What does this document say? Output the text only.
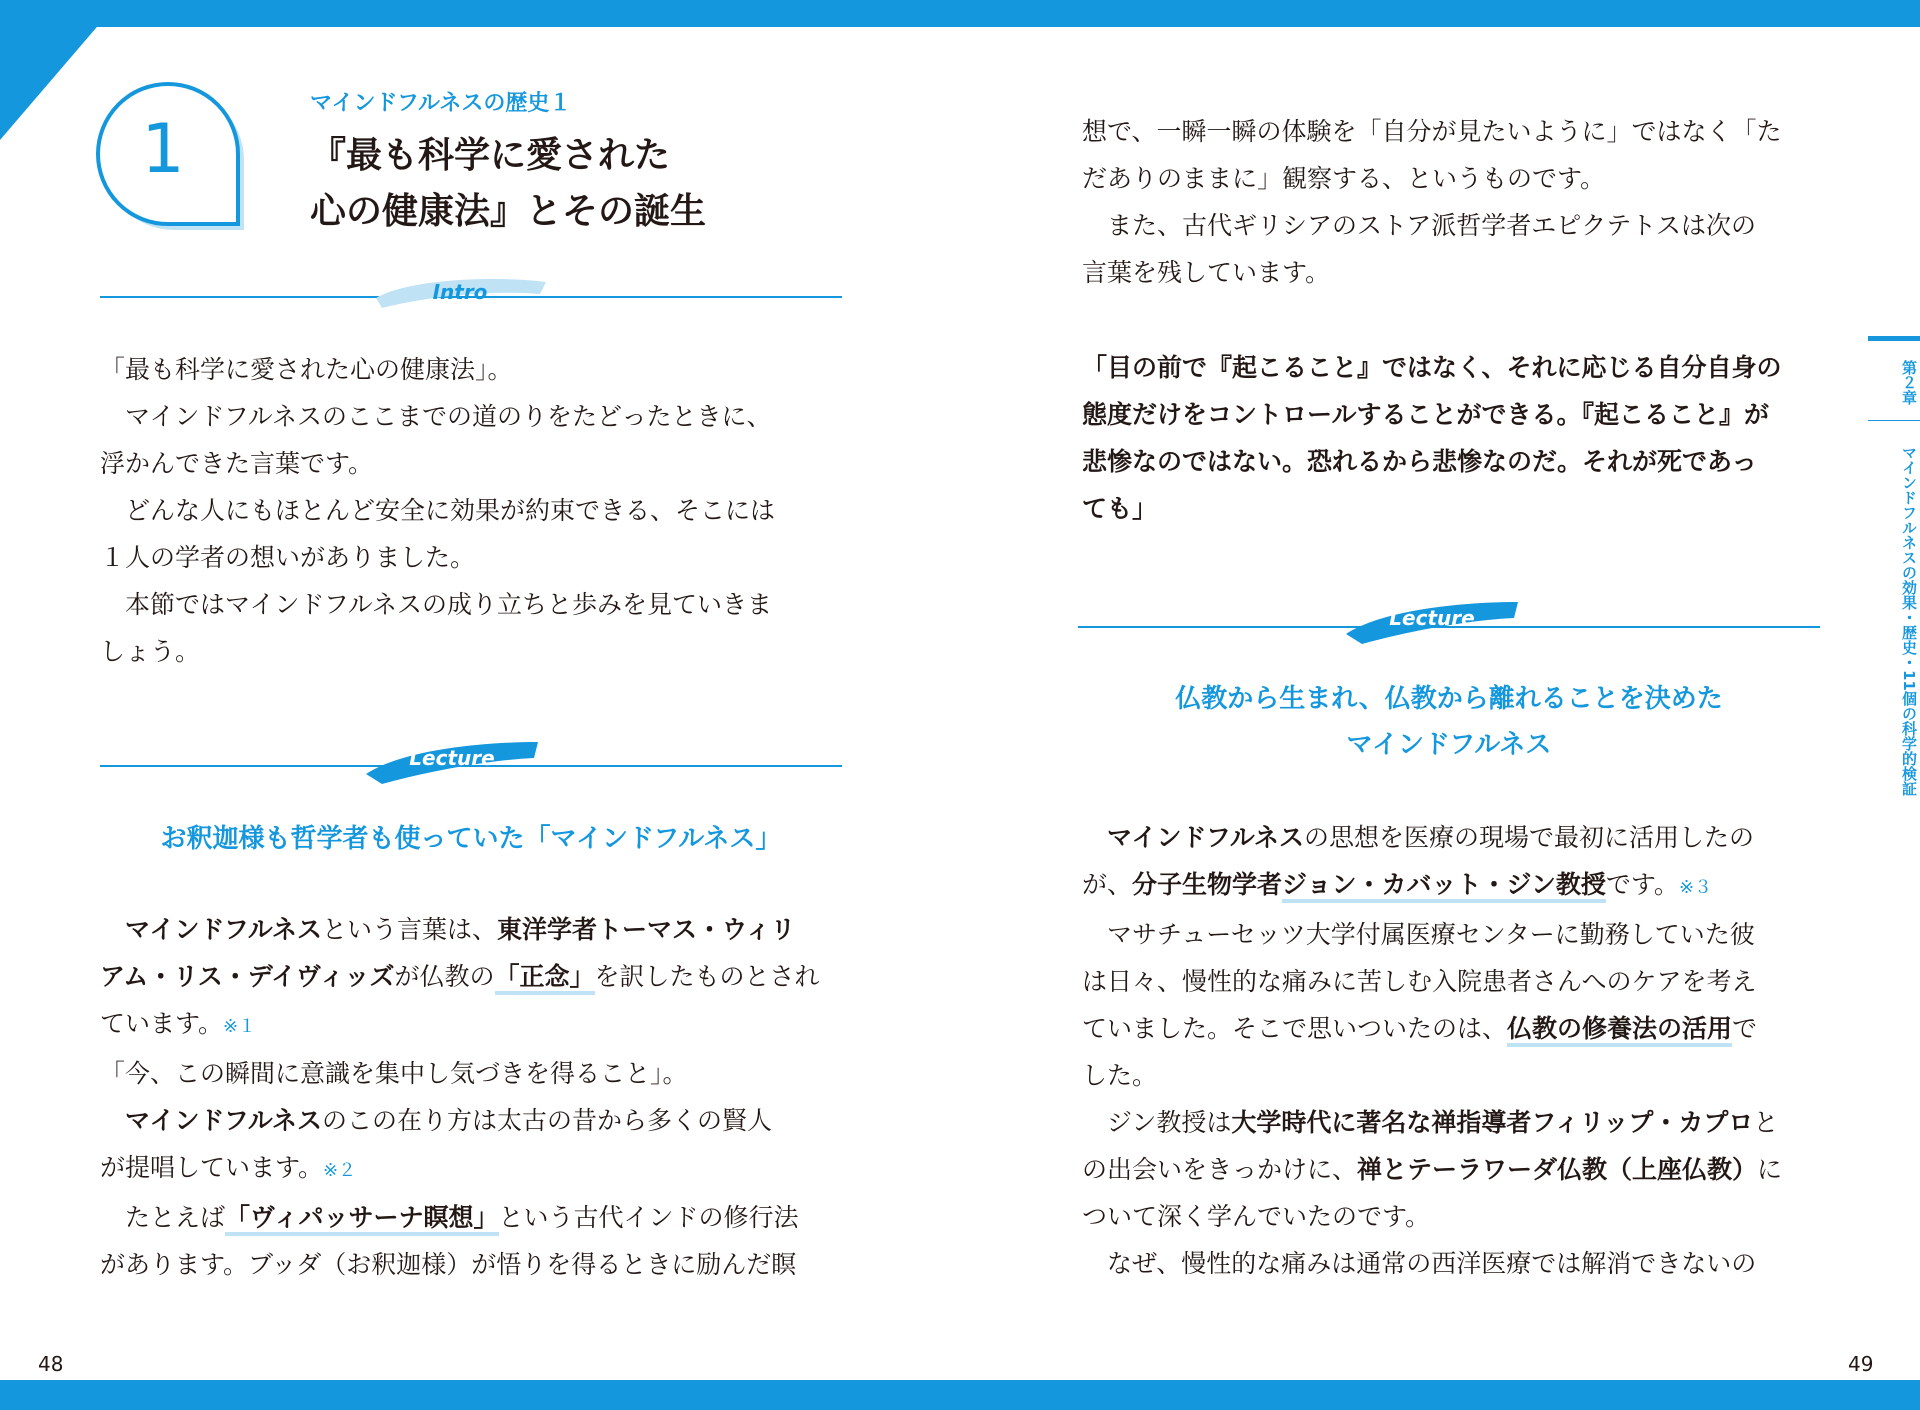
1
マインドフルネスの歴史１
『最も科学に愛された
心の健康法』とその誕生
Intro

「最も科学に愛された心の健康法」。

　マインドフルネスのここまでの道のりをたどったときに、

浮かんできた言葉です。

　どんな人にもほとんど安全に効果が約束できる、そこには

１人の学者の想いがありました。

　本節ではマインドフルネスの成り立ちと歩みを見ていきま

しょう。

Lecture
お釈迦様も哲学者も使っていた「マインドフルネス」

　マインドフルネスという言葉は、東洋学者トーマス・ウィリ

アム・リス・デイヴィッズが仏教の「正念」を訳したものとされ

ています。※１

「今、この瞬間に意識を集中し気づきを得ること」。

　マインドフルネスのこの在り方は太古の昔から多くの賢人

が提唱しています。※２

　たとえば「ヴィパッサーナ瞑想」という古代インドの修行法

があります。ブッダ（お釈迦様）が悟りを得るときに励んだ瞑

想で、一瞬一瞬の体験を「自分が見たいように」ではなく「た

だありのままに」観察する、というものです。

　また、古代ギリシアのストア派哲学者エピクテトスは次の

言葉を残しています。

「目の前で『起こること』ではなく、それに応じる自分自身の

態度だけをコントロールすることができる。『起こること』が

悲惨なのではない。恐れるから悲惨なのだ。それが死であっ

ても」

Lecture
仏教から生まれ、仏教から離れることを決めた
マインドフルネス

　マインドフルネスの思想を医療の現場で最初に活用したの

が、分子生物学者ジョン・カバット・ジン教授です。※３

　マサチューセッツ大学付属医療センターに勤務していた彼

は日々、慢性的な痛みに苦しむ入院患者さんへのケアを考え

ていました。そこで思いついたのは、仏教の修養法の活用で

した。

　ジン教授は大学時代に著名な禅指導者フィリップ・カプロと

の出会いをきっかけに、禅とテーラワーダ仏教（上座仏教）に

ついて深く学んでいたのです。

　なぜ、慢性的な痛みは通常の西洋医療では解消できないの

第２章
マインドフルネスの効果・歴史・11個の科学的検証
48	49
